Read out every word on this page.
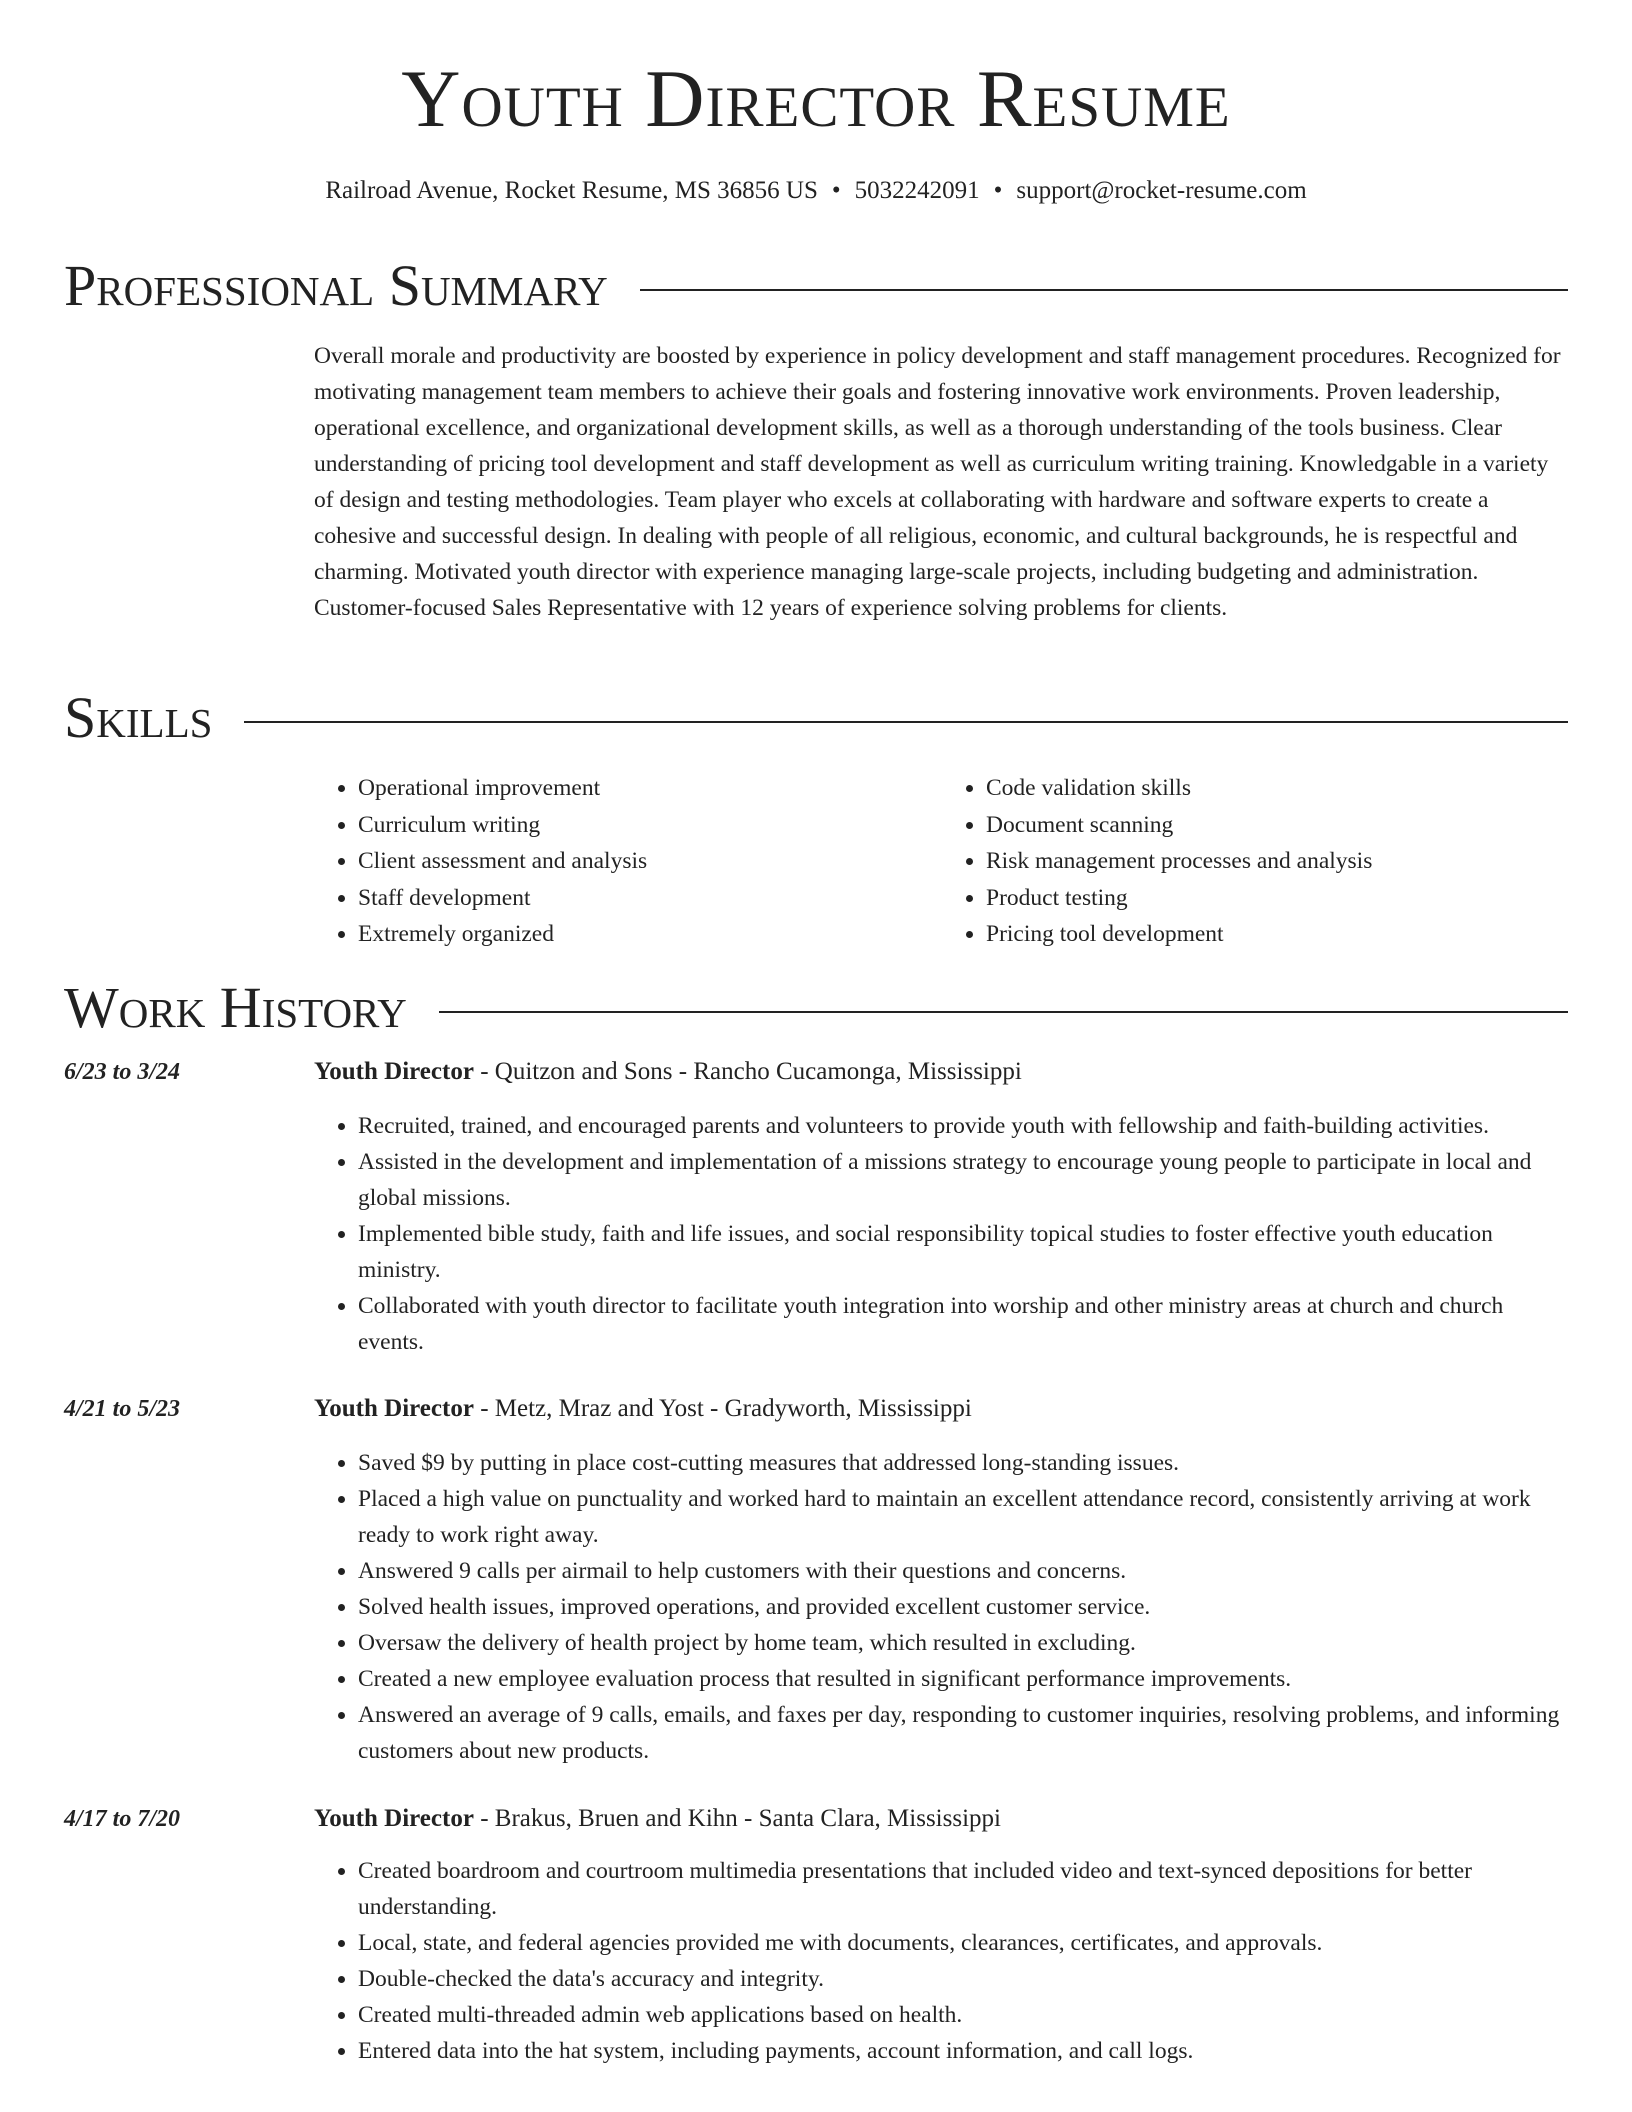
Youth Director Resume
Railroad Avenue, Rocket Resume, MS 36856 US • 5032242091 • support@rocket-resume.com
Professional Summary

Overall morale and productivity are boosted by experience in policy development and staff management procedures. Recognized for motivating management team members to achieve their goals and fostering innovative work environments. Proven leadership, operational excellence, and organizational development skills, as well as a thorough understanding of the tools business. Clear understanding of pricing tool development and staff development as well as curriculum writing training. Knowledgable in a variety of design and testing methodologies. Team player who excels at collaborating with hardware and software experts to create a cohesive and successful design. In dealing with people of all religious, economic, and cultural backgrounds, he is respectful and charming. Motivated youth director with experience managing large-scale projects, including budgeting and administration. Customer-focused Sales Representative with 12 years of experience solving problems for clients.

Skills
• Operational improvement
• Curriculum writing
• Client assessment and analysis
• Staff development
• Extremely organized
• Code validation skills
• Document scanning
• Risk management processes and analysis
• Product testing
• Pricing tool development
Work History
6/23 to 3/24	Youth Director - Quitzon and Sons - Rancho Cucamonga, Mississippi
• Recruited, trained, and encouraged parents and volunteers to provide youth with fellowship and faith-building activities.
• Assisted in the development and implementation of a missions strategy to encourage young people to participate in local and global missions.
• Implemented bible study, faith and life issues, and social responsibility topical studies to foster effective youth education ministry.
• Collaborated with youth director to facilitate youth integration into worship and other ministry areas at church and church events.
4/21 to 5/23	Youth Director - Metz, Mraz and Yost - Gradyworth, Mississippi
• Saved $9 by putting in place cost-cutting measures that addressed long-standing issues.
• Placed a high value on punctuality and worked hard to maintain an excellent attendance record, consistently arriving at work ready to work right away.
• Answered 9 calls per airmail to help customers with their questions and concerns.
• Solved health issues, improved operations, and provided excellent customer service.
• Oversaw the delivery of health project by home team, which resulted in excluding.
• Created a new employee evaluation process that resulted in significant performance improvements.
• Answered an average of 9 calls, emails, and faxes per day, responding to customer inquiries, resolving problems, and informing customers about new products.
4/17 to 7/20	Youth Director - Brakus, Bruen and Kihn - Santa Clara, Mississippi
• Created boardroom and courtroom multimedia presentations that included video and text-synced depositions for better understanding.
• Local, state, and federal agencies provided me with documents, clearances, certificates, and approvals.
• Double-checked the data's accuracy and integrity.
• Created multi-threaded admin web applications based on health.
• Entered data into the hat system, including payments, account information, and call logs.
